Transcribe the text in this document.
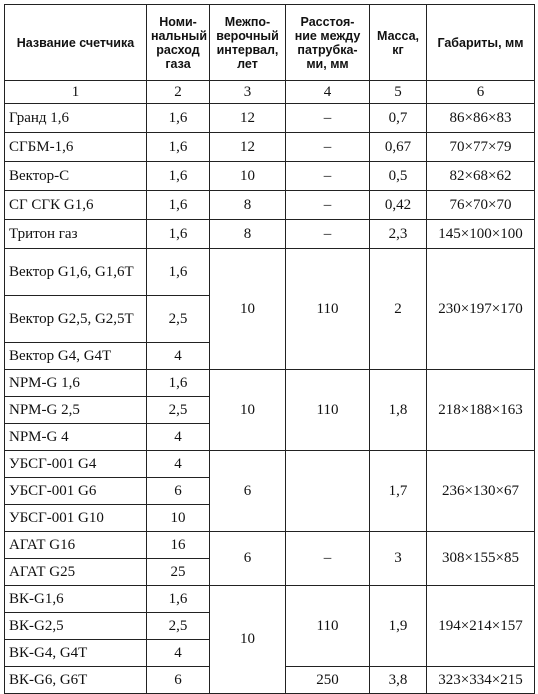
Название счетчика	Номи-нальный расход газа	Межпо-верочный интервал, лет	Расстоя-ние между патрубка-ми, мм	Масса, кг	Габариты, мм
1	2	3	4	5	6
Гранд 1,6	1,6	12	–	0,7	86×86×83
СГБМ-1,6	1,6	12	–	0,67	70×77×79
Вектор-С	1,6	10	–	0,5	82×68×62
СГ СГК G1,6	1,6	8	–	0,42	76×70×70
Тритон газ	1,6	8	–	2,3	145×100×100
Вектор G1,6, G1,6T	1,6	10	110	2	230×197×170
Вектор G2,5, G2,5T	2,5				
Вектор G4, G4T	4				
NPM-G 1,6	1,6	10	110	1,8	218×188×163
NPM-G 2,5	2,5				
NPM-G 4	4				
УБСГ-001 G4	4	6		1,7	236×130×67
УБСГ-001 G6	6				
УБСГ-001 G10	10				
АГАТ G16	16	6	–	3	308×155×85
АГАТ G25	25				
ВК-G1,6	1,6	10	110	1,9	194×214×157
ВК-G2,5	2,5				
ВК-G4, G4T	4				
ВК-G6, G6T	6		250	3,8	323×334×215
